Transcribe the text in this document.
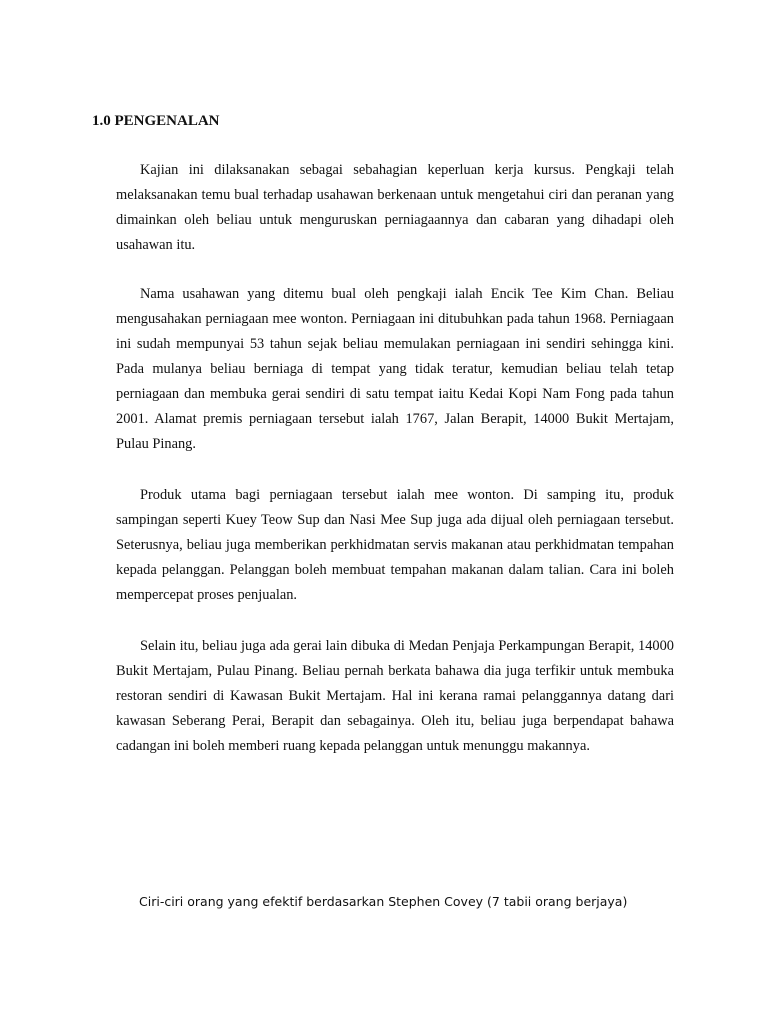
1.0 PENGENALAN

Kajian ini dilaksanakan sebagai sebahagian keperluan kerja kursus. Pengkaji telah melaksanakan temu bual terhadap usahawan berkenaan untuk mengetahui ciri dan peranan yang dimainkan oleh beliau untuk menguruskan perniagaannya dan cabaran yang dihadapi oleh usahawan itu.

Nama usahawan yang ditemu bual oleh pengkaji ialah Encik Tee Kim Chan. Beliau mengusahakan perniagaan mee wonton. Perniagaan ini ditubuhkan pada tahun 1968. Perniagaan ini sudah mempunyai 53 tahun sejak beliau memulakan perniagaan ini sendiri sehingga kini. Pada mulanya beliau berniaga di tempat yang tidak teratur, kemudian beliau telah tetap perniagaan dan membuka gerai sendiri di satu tempat iaitu Kedai Kopi Nam Fong pada tahun 2001. Alamat premis perniagaan tersebut ialah 1767, Jalan Berapit, 14000 Bukit Mertajam, Pulau Pinang.

Produk utama bagi perniagaan tersebut ialah mee wonton. Di samping itu, produk sampingan seperti Kuey Teow Sup dan Nasi Mee Sup juga ada dijual oleh perniagaan tersebut. Seterusnya, beliau juga memberikan perkhidmatan servis makanan atau perkhidmatan tempahan kepada pelanggan. Pelanggan boleh membuat tempahan makanan dalam talian. Cara ini boleh mempercepat proses penjualan.

Selain itu, beliau juga ada gerai lain dibuka di Medan Penjaja Perkampungan Berapit, 14000 Bukit Mertajam, Pulau Pinang. Beliau pernah berkata bahawa dia juga terfikir untuk membuka restoran sendiri di Kawasan Bukit Mertajam. Hal ini kerana ramai pelanggannya datang dari kawasan Seberang Perai, Berapit dan sebagainya. Oleh itu, beliau juga berpendapat bahawa cadangan ini boleh memberi ruang kepada pelanggan untuk menunggu makannya.

Ciri-ciri orang yang efektif berdasarkan Stephen Covey (7 tabii orang berjaya)
